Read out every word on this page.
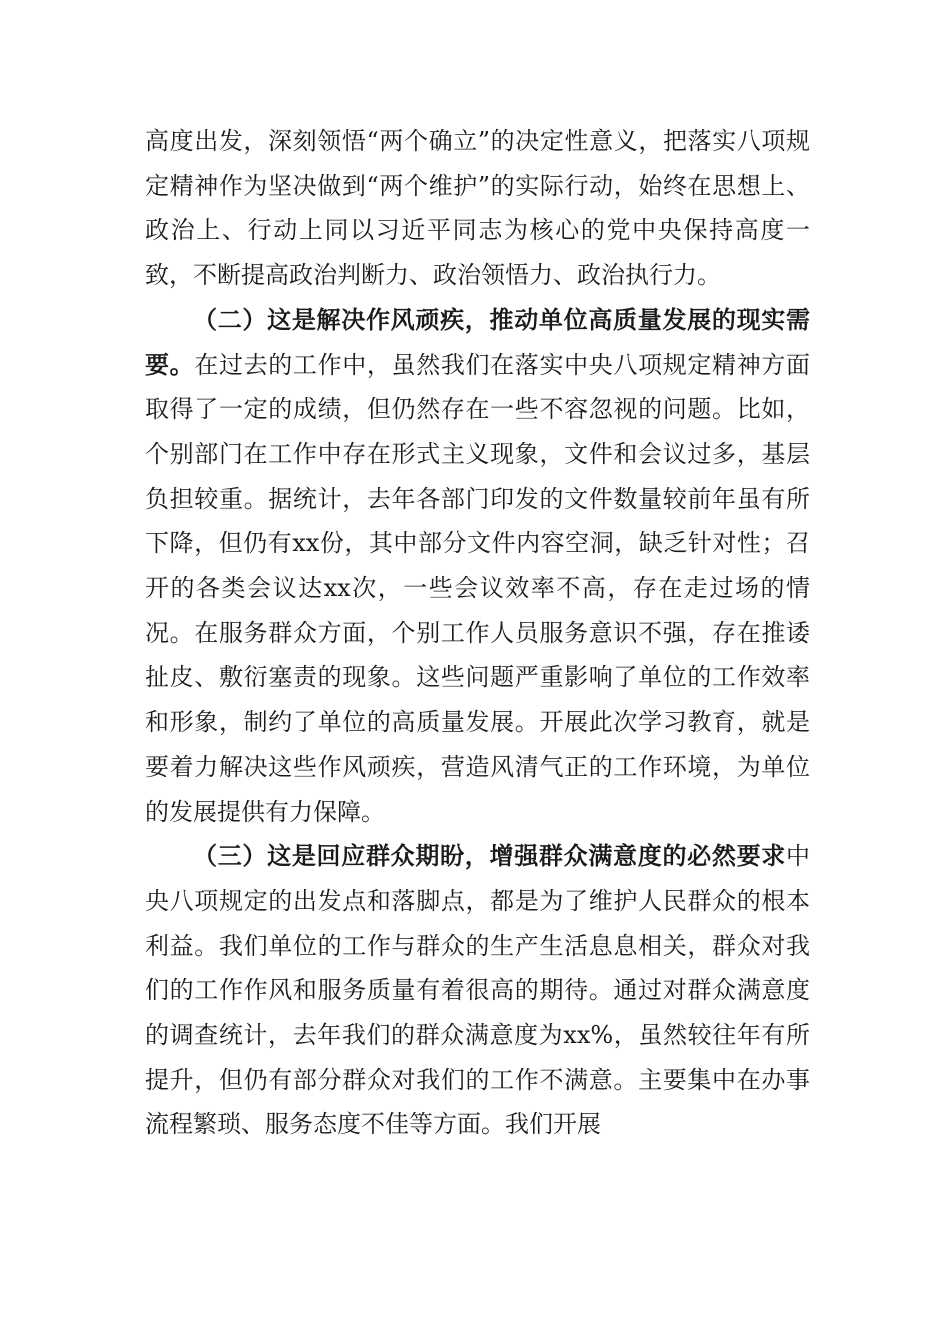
高度出发，深刻领悟“两个确立”的决定性意义，把落实八项规定精神作为坚决做到“两个维护”的实际行动，始终在思想上、政治上、行动上同以习近平同志为核心的党中央保持高度一致，不断提高政治判断力、政治领悟力、政治执行力。

（二）这是解决作风顽疾，推动单位高质量发展的现实需要。在过去的工作中，虽然我们在落实中央八项规定精神方面取得了一定的成绩，但仍然存在一些不容忽视的问题。比如，个别部门在工作中存在形式主义现象，文件和会议过多，基层负担较重。据统计，去年各部门印发的文件数量较前年虽有所下降，但仍有xx份，其中部分文件内容空洞，缺乏针对性；召开的各类会议达xx次，一些会议效率不高，存在走过场的情况。在服务群众方面，个别工作人员服务意识不强，存在推诿扯皮、敷衍塞责的现象。这些问题严重影响了单位的工作效率和形象，制约了单位的高质量发展。开展此次学习教育，就是要着力解决这些作风顽疾，营造风清气正的工作环境，为单位的发展提供有力保障。

（三）这是回应群众期盼，增强群众满意度的必然要求中央八项规定的出发点和落脚点，都是为了维护人民群众的根本利益。我们单位的工作与群众的生产生活息息相关，群众对我们的工作作风和服务质量有着很高的期待。通过对群众满意度的调查统计，去年我们的群众满意度为xx%，虽然较往年有所提升，但仍有部分群众对我们的工作不满意。主要集中在办事流程繁琐、服务态度不佳等方面。我们开展
